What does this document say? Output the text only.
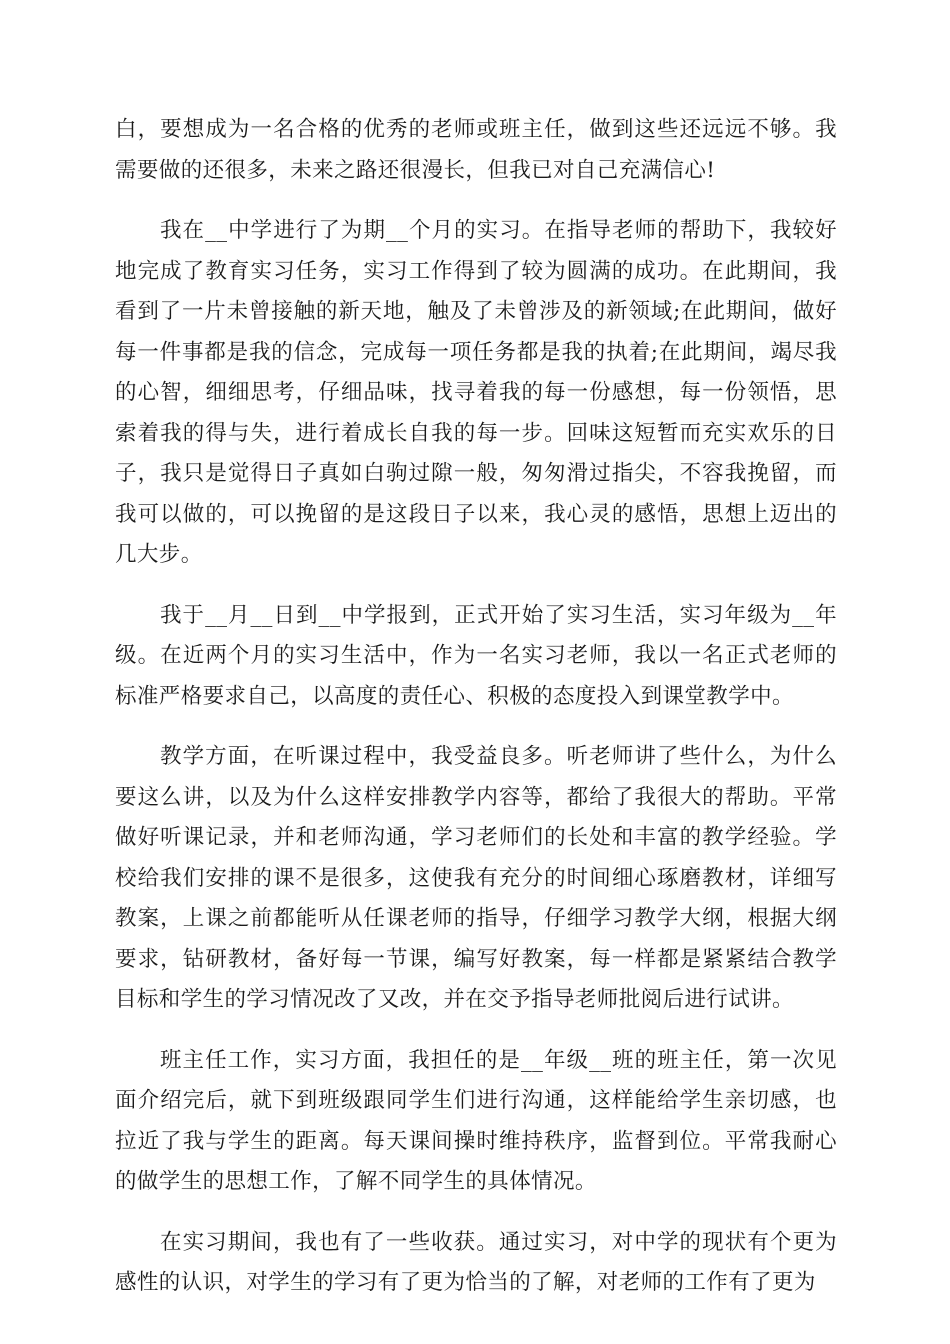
白，要想成为一名合格的优秀的老师或班主任，做到这些还远远不够。我需要做的还很多，未来之路还很漫长，但我已对自己充满信心!

我在__中学进行了为期__个月的实习。在指导老师的帮助下，我较好地完成了教育实习任务，实习工作得到了较为圆满的成功。在此期间，我看到了一片未曾接触的新天地，触及了未曾涉及的新领域;在此期间，做好每一件事都是我的信念，完成每一项任务都是我的执着;在此期间，竭尽我的心智，细细思考，仔细品味，找寻着我的每一份感想，每一份领悟，思索着我的得与失，进行着成长自我的每一步。回味这短暂而充实欢乐的日子，我只是觉得日子真如白驹过隙一般，匆匆滑过指尖，不容我挽留，而我可以做的，可以挽留的是这段日子以来，我心灵的感悟，思想上迈出的几大步。

我于__月__日到__中学报到，正式开始了实习生活，实习年级为__年级。在近两个月的实习生活中，作为一名实习老师，我以一名正式老师的标准严格要求自己，以高度的责任心、积极的态度投入到课堂教学中。

教学方面，在听课过程中，我受益良多。听老师讲了些什么，为什么要这么讲，以及为什么这样安排教学内容等，都给了我很大的帮助。平常做好听课记录，并和老师沟通，学习老师们的长处和丰富的教学经验。学校给我们安排的课不是很多，这使我有充分的时间细心琢磨教材，详细写教案，上课之前都能听从任课老师的指导，仔细学习教学大纲，根据大纲要求，钻研教材，备好每一节课，编写好教案，每一样都是紧紧结合教学目标和学生的学习情况改了又改，并在交予指导老师批阅后进行试讲。

班主任工作，实习方面，我担任的是__年级__班的班主任，第一次见面介绍完后，就下到班级跟同学生们进行沟通，这样能给学生亲切感，也拉近了我与学生的距离。每天课间操时维持秩序，监督到位。平常我耐心的做学生的思想工作，了解不同学生的具体情况。

在实习期间，我也有了一些收获。通过实习，对中学的现状有个更为感性的认识，对学生的学习有了更为恰当的了解，对老师的工作有了更为
